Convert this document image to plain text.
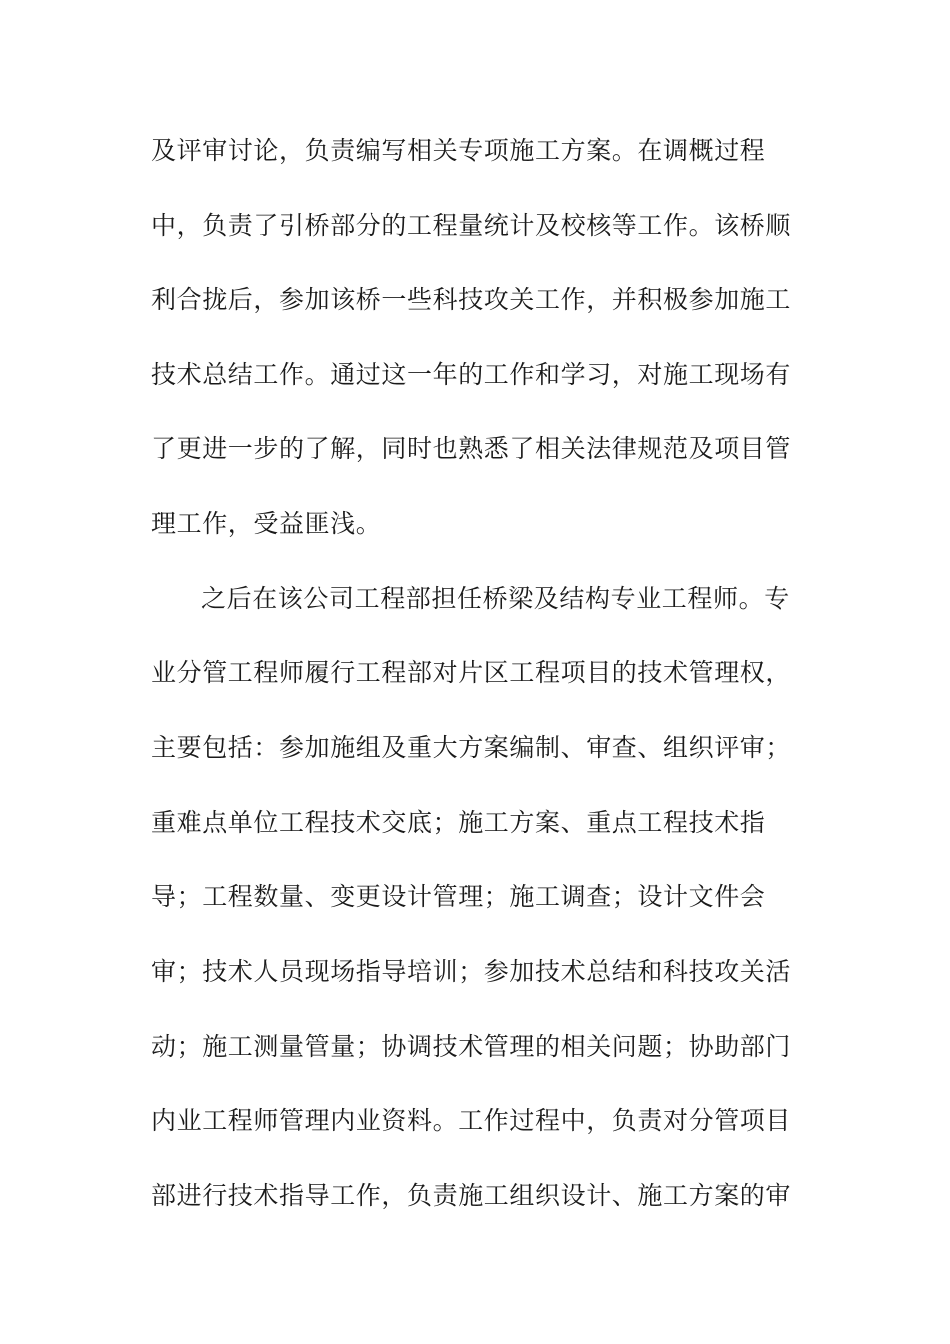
及评审讨论，负责编写相关专项施工方案。在调概过程
中，负责了引桥部分的工程量统计及校核等工作。该桥顺
利合拢后，参加该桥一些科技攻关工作，并积极参加施工
技术总结工作。通过这一年的工作和学习，对施工现场有
了更进一步的了解，同时也熟悉了相关法律规范及项目管
理工作，受益匪浅。
之后在该公司工程部担任桥梁及结构专业工程师。专
业分管工程师履行工程部对片区工程项目的技术管理权，
主要包括：参加施组及重大方案编制、审查、组织评审；
重难点单位工程技术交底；施工方案、重点工程技术指
导；工程数量、变更设计管理；施工调查；设计文件会
审；技术人员现场指导培训；参加技术总结和科技攻关活
动；施工测量管量；协调技术管理的相关问题；协助部门
内业工程师管理内业资料。工作过程中，负责对分管项目
部进行技术指导工作，负责施工组织设计、施工方案的审
